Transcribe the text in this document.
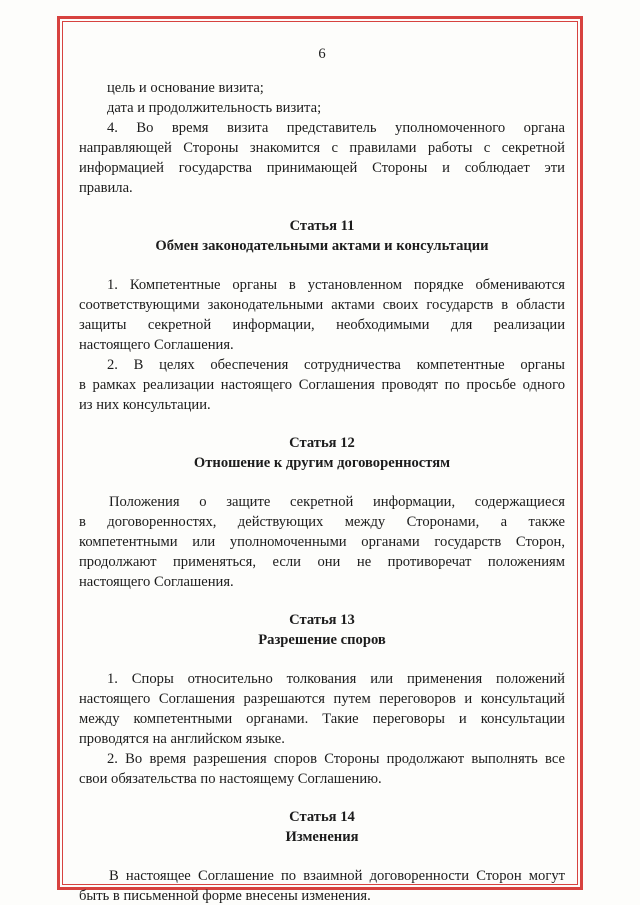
6

цель и основание визита;

дата и продолжительность визита;

4. Во время визита представитель уполномоченного органа

направляющей Стороны знакомится с правилами работы с секретной

информацией государства принимающей Стороны и соблюдает эти

правила.

Статья 11

Обмен законодательными актами и консультации

1. Компетентные органы в установленном порядке обмениваются

соответствующими законодательными актами своих государств в области

защиты секретной информации, необходимыми для реализации

настоящего Соглашения.

2. В целях обеспечения сотрудничества компетентные органы

в рамках реализации настоящего Соглашения проводят по просьбе одного

из них консультации.

Статья 12

Отношение к другим договоренностям

Положения о защите секретной информации, содержащиеся

в договоренностях, действующих между Сторонами, а также

компетентными или уполномоченными органами государств Сторон,

продолжают применяться, если они не противоречат положениям

настоящего Соглашения.

Статья 13

Разрешение споров

1. Споры относительно толкования или применения положений

настоящего Соглашения разрешаются путем переговоров и консультаций

между компетентными органами. Такие переговоры и консультации

проводятся на английском языке.

2. Во время разрешения споров Стороны продолжают выполнять все

свои обязательства по настоящему Соглашению.

Статья 14

Изменения

В настоящее Соглашение по взаимной договоренности Сторон могут

быть в письменной форме внесены изменения.
